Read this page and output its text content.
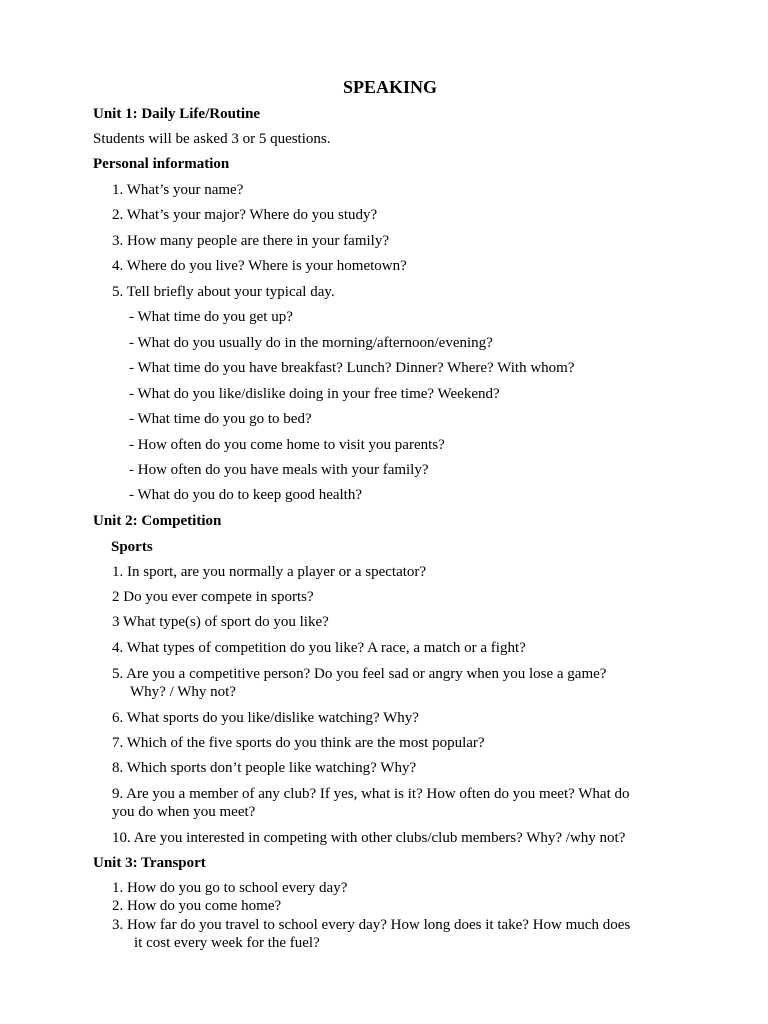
SPEAKING
Unit 1: Daily Life/Routine
Students will be asked 3 or 5 questions.
Personal information
1. What’s your name?
2. What’s your major? Where do you study?
3. How many people are there in your family?
4. Where do you live? Where is your hometown?
5. Tell briefly about your typical day.
- What time do you get up?
- What do you usually do in the morning/afternoon/evening?
- What time do you have breakfast? Lunch? Dinner? Where? With whom?
- What do you like/dislike doing in your free time? Weekend?
- What time do you go to bed?
- How often do you come home to visit you parents?
- How often do you have meals with your family?
- What do you do to keep good health?
Unit 2: Competition
Sports
1. In sport, are you normally a player or a spectator?
2 Do you ever compete in sports?
3 What type(s) of sport do you like?
4. What types of competition do you like? A race, a match or a fight?
5. Are you a competitive person? Do you feel sad or angry when you lose a game?
Why? / Why not?
6. What sports do you like/dislike watching? Why?
7. Which of the five sports do you think are the most popular?
8. Which sports don’t people like watching? Why?
9. Are you a member of any club? If yes, what is it? How often do you meet? What do
you do when you meet?
10. Are you interested in competing with other clubs/club members? Why? /why not?
Unit 3: Transport
1. How do you go to school every day?
2. How do you come home?
3. How far do you travel to school every day? How long does it take? How much does
it cost every week for the fuel?
